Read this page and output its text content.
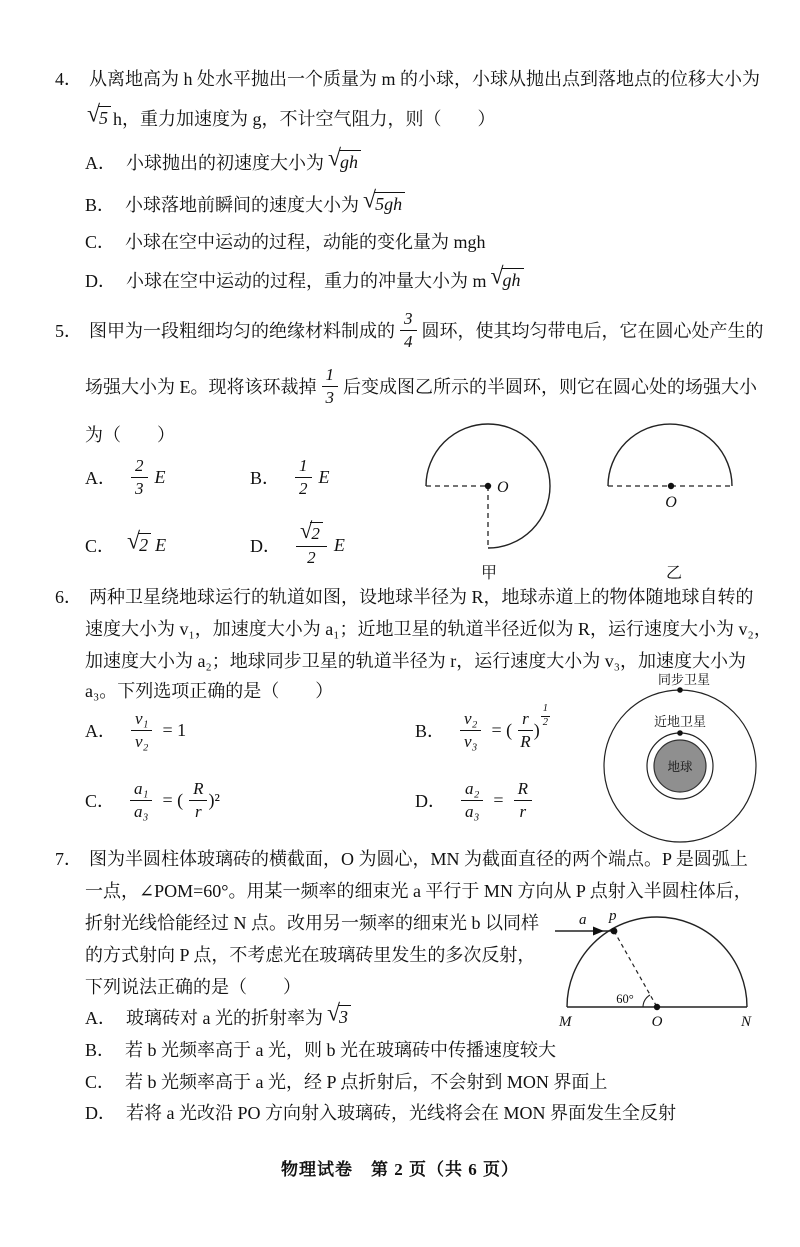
4． 从离地高为 h 处水平抛出一个质量为 m 的小球，小球从抛出点到落地点的位移大小为
√ 5 h，重力加速度为 g，不计空气阻力，则（　　）
A． 小球抛出的初速度大小为 √ gh
B． 小球落地前瞬间的速度大小为 √ 5gh
C． 小球在空中运动的过程，动能的变化量为 mgh
D． 小球在空中运动的过程，重力的冲量大小为 m √ gh
5． 图甲为一段粗细均匀的绝缘材料制成的 $\frac{3}{4}$ 圆环，使其均匀带电后，它在圆心处产生的
场强大小为 E。现将该环裁掉 $\frac{1}{3}$ 后变成图乙所示的半圆环，则它在圆心处的场强大小
为（　　）
A． $\frac{2}{3}$ E	B． $\frac{1}{2}$ E
C． √ 2 E	D． √ $\frac{2}{2}$ E
O
甲
O
乙
6． 两种卫星绕地球运行的轨道如图，设地球半径为 R，地球赤道上的物体随地球自转的
速度大小为 v₁，加速度大小为 a₁；近地卫星的轨道半径近似为 R，运行速度大小为 v₂，
加速度大小为 a₂；地球同步卫星的轨道半径为 r，运行速度大小为 v₃，加速度大小为
a₃。下列选项正确的是（　　）
A． $\frac{\text{v₁}}{\text{v₂}} = 1$	B． $\frac{\text{v₂}}{\text{v₃}}$ = ( $\frac{r}{R}$ )
1
2
C． $\frac{\text{a₁}}{\text{a₃}}$ = ( $\frac{R}{r} )^2$	D． $\frac{\text{a₂}}{\text{a₃}} = \frac{R}{r}$
同步卫星
近地卫星
地球
7． 图为半圆柱体玻璃砖的横截面，O 为圆心，MN 为截面直径的两个端点。P 是圆弧上
一点，∠POM=60°。用某一频率的细束光 a 平行于 MN 方向从 P 点射入半圆柱体后，
折射光线恰能经过 N 点。改用另一频率的细束光 b 以同样
的方式射向 P 点，不考虑光在玻璃砖里发生的多次反射，
下列说法正确的是（　　）
A． 玻璃砖对 a 光的折射率为 √ 3
B． 若 b 光频率高于 a 光，则 b 光在玻璃砖中传播速度较大
C． 若 b 光频率高于 a 光，经 P 点折射后，不会射到 MON 界面上
D． 若将 a 光改沿 PO 方向射入玻璃砖，光线将会在 MON 界面发生全反射
a p
60°
M	O	N
物理试卷　第 2 页（共 6 页）
